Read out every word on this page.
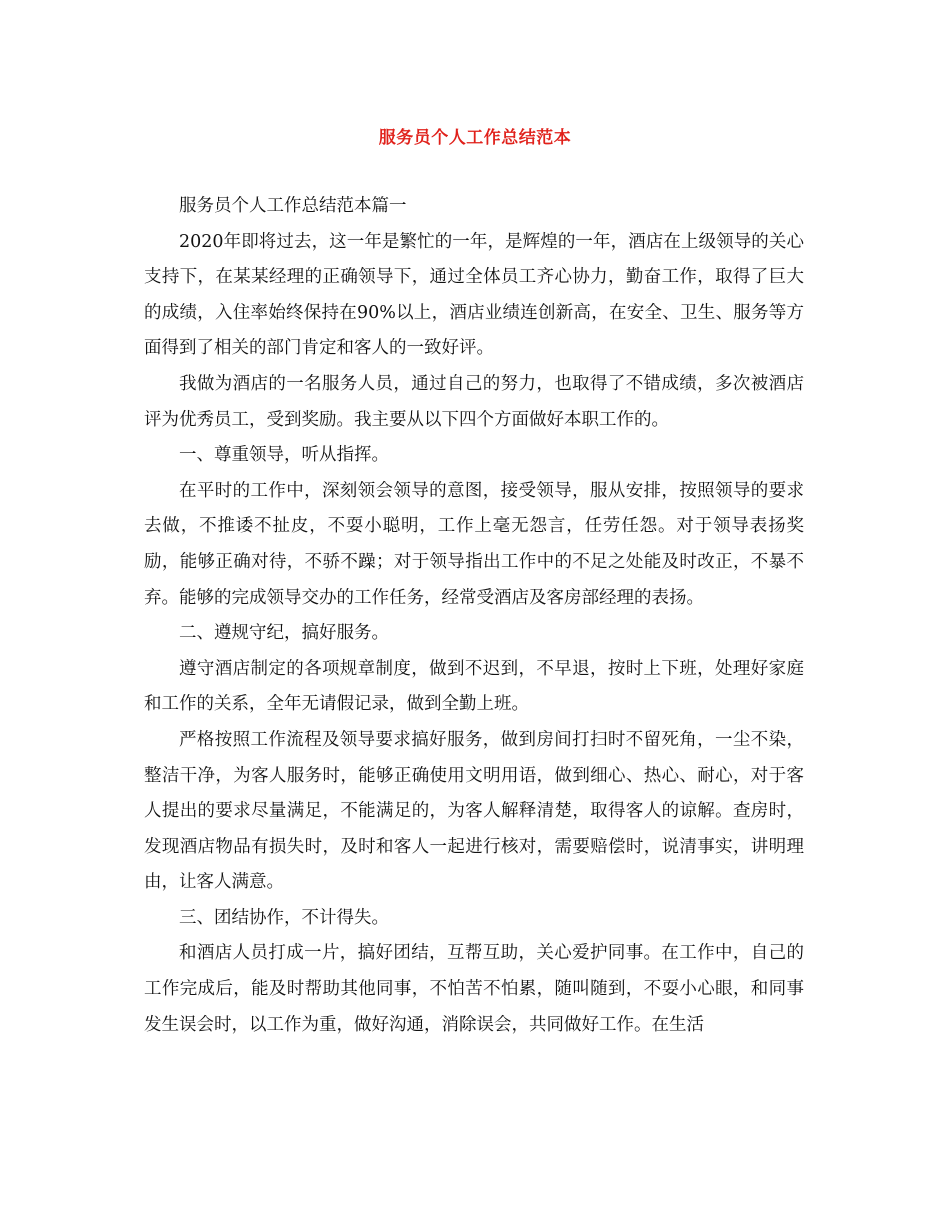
服务员个人工作总结范本

服务员个人工作总结范本篇一

2020年即将过去，这一年是繁忙的一年，是辉煌的一年，酒店在上级领导的关心支持下，在某某经理的正确领导下，通过全体员工齐心协力，勤奋工作，取得了巨大的成绩，入住率始终保持在90%以上，酒店业绩连创新高，在安全、卫生、服务等方面得到了相关的部门肯定和客人的一致好评。

我做为酒店的一名服务人员，通过自己的努力，也取得了不错成绩，多次被酒店评为优秀员工，受到奖励。我主要从以下四个方面做好本职工作的。

一、尊重领导，听从指挥。

在平时的工作中，深刻领会领导的意图，接受领导，服从安排，按照领导的要求去做，不推诿不扯皮，不耍小聪明，工作上毫无怨言，任劳任怨。对于领导表扬奖励，能够正确对待，不骄不躁；对于领导指出工作中的不足之处能及时改正，不暴不弃。能够的完成领导交办的工作任务，经常受酒店及客房部经理的表扬。

二、遵规守纪，搞好服务。

遵守酒店制定的各项规章制度，做到不迟到，不早退，按时上下班，处理好家庭和工作的关系，全年无请假记录，做到全勤上班。

严格按照工作流程及领导要求搞好服务，做到房间打扫时不留死角，一尘不染，整洁干净，为客人服务时，能够正确使用文明用语，做到细心、热心、耐心，对于客人提出的要求尽量满足，不能满足的，为客人解释清楚，取得客人的谅解。查房时，发现酒店物品有损失时，及时和客人一起进行核对，需要赔偿时，说清事实，讲明理由，让客人满意。

三、团结协作，不计得失。

和酒店人员打成一片，搞好团结，互帮互助，关心爱护同事。在工作中，自己的工作完成后，能及时帮助其他同事，不怕苦不怕累，随叫随到，不耍小心眼，和同事发生误会时，以工作为重，做好沟通，消除误会，共同做好工作。在生活
